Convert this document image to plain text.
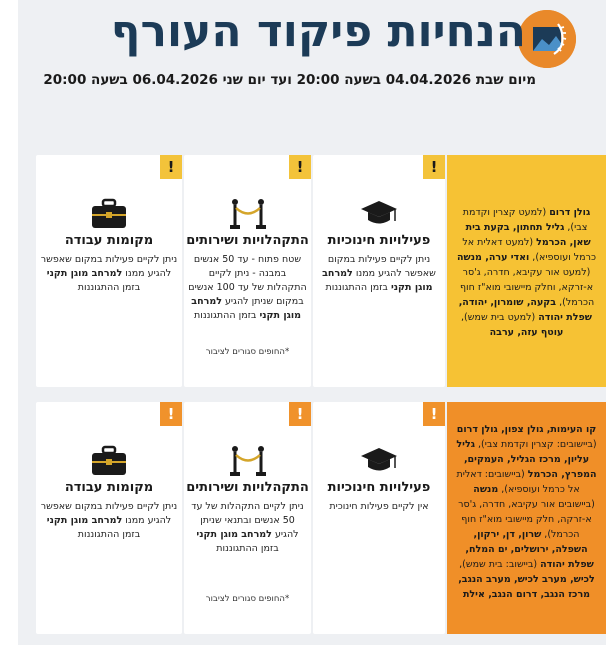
הנחיות פיקוד העורף
מיום שבת 04.04.2026 בשעה 20:00 ועד יום שני 06.04.2026 בשעה 20:00
גולן דרום (למעט קצרין וקדמת צבי), גליל תחתון, בקעת בית שאן, הכרמל (למעט דאלית אל כרמל ועוספיא), ואדי ערה, מנשה (למעט אור עקיבא, חדרה, ג'סר א-זרקא, וחלק מיישובי מוא"ז חוף הכרמל), בקעה, שומרון, יהודה, שפלת יהודה (למעט בית שמש), עוטף עזה, ערבה
!
פעילויות חינוכיות
ניתן לקיים פעילות במקום שאפשר להגיע ממנו למרחב מוגן תקני בזמן ההתגוננות
!
התקהלויות ושירותים
שטח פתוח - עד 50 אנשים במבנה - ניתן לקיים התקהלות של עד 100 אנשים במקום שניתן להגיע למרחב מוגן תקני בזמן ההתגוננות
*החופים סגורים לציבור
!
מקומות עבודה
ניתן לקיים פעילות במקום שאפשר להגיע ממנו למרחב מוגן תקני בזמן ההתגוננות
קו העימות, גולן צפון, גולן דרום (ביישובים: קצרין וקדמת צבי), גליל עליון, מרכז הגליל, העמקים, המפרץ, הכרמל (ביישובים: דאלית אל כרמל ועוספיא), מנשה (ביישובים אור עקיבא, חדרה, ג'סר א-זרקה, חלק מיישובי מוא"ז חוף הכרמל), שרון, דן, ירקון, השפלה, ירושלים, ים המלח, שפלת יהודה (ביישוב: בית שמש), לכיש, מערב לכיש, מערב הנגב, מרכז הנגב, דרום הנגב, אילת
!
פעילויות חינוכיות
אין לקיים פעילות חינוכית
!
התקהלויות ושירותים
ניתן לקיים התקהלות של עד 50 אנשים ובתנאי שניתן להגיע למרחב מוגן תקני בזמן ההתגוננות
*החופים סגורים לציבור
!
מקומות עבודה
ניתן לקיים פעילות במקום שאפשר להגיע ממנו למרחב מוגן תקני בזמן ההתגוננות
